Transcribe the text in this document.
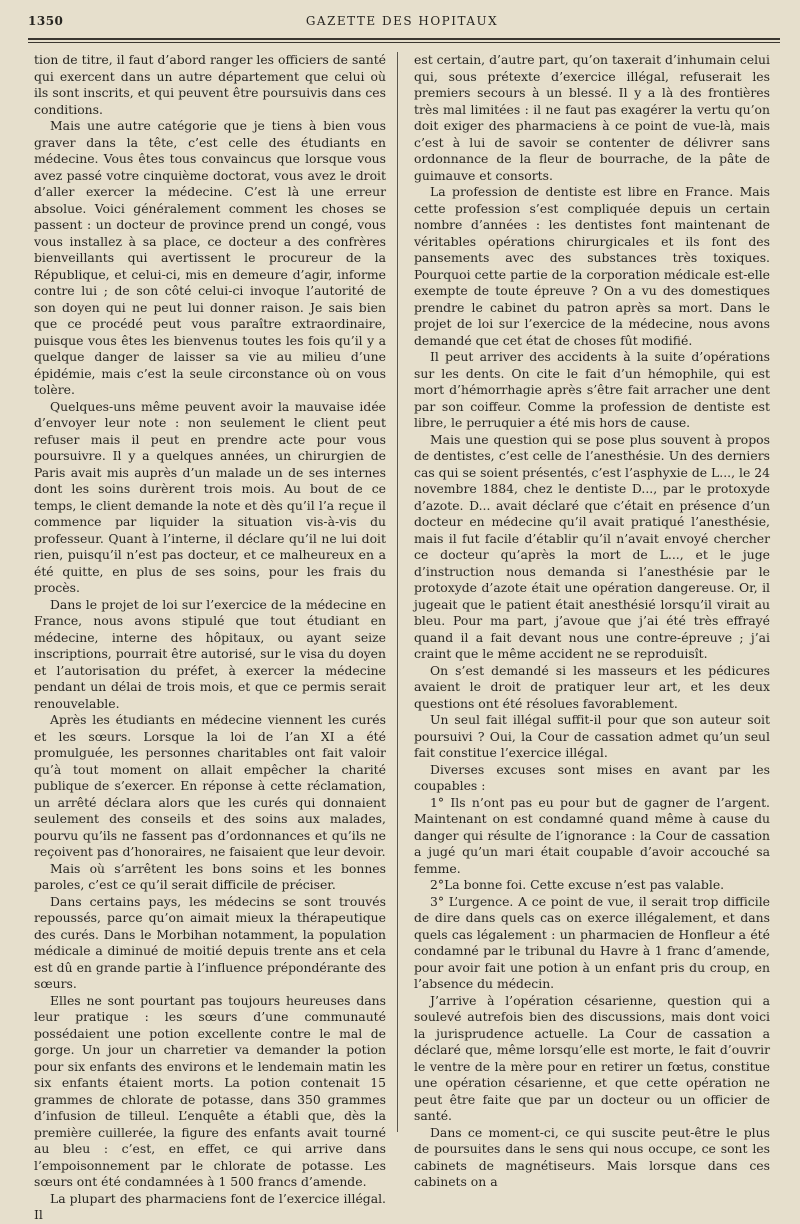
1350	GAZETTE DES HOPITAUX

tion de titre, il faut d’abord ranger les officiers de santé qui exercent dans un autre département que celui où ils sont inscrits, et qui peuvent être poursuivis dans ces conditions.

Mais une autre catégorie que je tiens à bien vous graver dans la tête, c’est celle des étudiants en médecine. Vous êtes tous convaincus que lorsque vous avez passé votre cinquième doctorat, vous avez le droit d’aller exercer la médecine. C’est là une erreur absolue. Voici généralement comment les choses se passent : un docteur de province prend un congé, vous vous installez à sa place, ce docteur a des confrères bienveillants qui avertissent le procureur de la République, et celui-ci, mis en demeure d’agir, informe contre lui ; de son côté celui-ci invoque l’autorité de son doyen qui ne peut lui donner raison. Je sais bien que ce procédé peut vous paraître extraordinaire, puisque vous êtes les bienvenus toutes les fois qu’il y a quelque danger de laisser sa vie au milieu d’une épidémie, mais c’est la seule circonstance où on vous tolère.

Quelques-uns même peuvent avoir la mauvaise idée d’envoyer leur note : non seulement le client peut refuser mais il peut en prendre acte pour vous poursuivre. Il y a quelques années, un chirurgien de Paris avait mis auprès d’un malade un de ses internes dont les soins durèrent trois mois. Au bout de ce temps, le client demande la note et dès qu’il l’a reçue il commence par liquider la situation vis-à-vis du professeur. Quant à l’interne, il déclare qu’il ne lui doit rien, puisqu’il n’est pas docteur, et ce malheureux en a été quitte, en plus de ses soins, pour les frais du procès.

Dans le projet de loi sur l’exercice de la médecine en France, nous avons stipulé que tout étudiant en médecine, interne des hôpitaux, ou ayant seize inscriptions, pourrait être autorisé, sur le visa du doyen et l’autorisation du préfet, à exercer la médecine pendant un délai de trois mois, et que ce permis serait renouvelable.

Après les étudiants en médecine viennent les curés et les sœurs. Lorsque la loi de l’an XI a été promulguée, les personnes charitables ont fait valoir qu’à tout moment on allait empêcher la charité publique de s’exercer. En réponse à cette réclamation, un arrêté déclara alors que les curés qui donnaient seulement des conseils et des soins aux malades, pourvu qu’ils ne fassent pas d’ordonnances et qu’ils ne reçoivent pas d’honoraires, ne faisaient que leur devoir.

Mais où s’arrêtent les bons soins et les bonnes paroles, c’est ce qu’il serait difficile de préciser.

Dans certains pays, les médecins se sont trouvés repoussés, parce qu’on aimait mieux la thérapeutique des curés. Dans le Morbihan notamment, la population médicale a diminué de moitié depuis trente ans et cela est dû en grande partie à l’influence prépondérante des sœurs.

Elles ne sont pourtant pas toujours heureuses dans leur pratique : les sœurs d’une communauté possédaient une potion excellente contre le mal de gorge. Un jour un charretier va demander la potion pour six enfants des environs et le lendemain matin les six enfants étaient morts. La potion contenait 15 grammes de chlorate de potasse, dans 350 grammes d’infusion de tilleul. L’enquête a établi que, dès la première cuillerée, la figure des enfants avait tourné au bleu : c’est, en effet, ce qui arrive dans l’empoisonnement par le chlorate de potasse. Les sœurs ont été condamnées à 1 500 francs d’amende.

La plupart des pharmaciens font de l’exercice illégal. Il

est certain, d’autre part, qu’on taxerait d’inhumain celui qui, sous prétexte d’exercice illégal, refuserait les premiers secours à un blessé. Il y a là des frontières très mal limitées : il ne faut pas exagérer la vertu qu’on doit exiger des pharmaciens à ce point de vue-là, mais c’est à lui de savoir se contenter de délivrer sans ordonnance de la fleur de bourrache, de la pâte de guimauve et consorts.

La profession de dentiste est libre en France. Mais cette profession s’est compliquée depuis un certain nombre d’années : les dentistes font maintenant de véritables opérations chirurgicales et ils font des pansements avec des substances très toxiques. Pourquoi cette partie de la corporation médicale est-elle exempte de toute épreuve ? On a vu des domestiques prendre le cabinet du patron après sa mort. Dans le projet de loi sur l’exercice de la médecine, nous avons demandé que cet état de choses fût modifié.

Il peut arriver des accidents à la suite d’opérations sur les dents. On cite le fait d’un hémophile, qui est mort d’hémorrhagie après s’être fait arracher une dent par son coiffeur. Comme la profession de dentiste est libre, le perruquier a été mis hors de cause.

Mais une question qui se pose plus souvent à propos de dentistes, c’est celle de l’anesthésie. Un des derniers cas qui se soient présentés, c’est l’asphyxie de L..., le 24 novembre 1884, chez le dentiste D..., par le protoxyde d’azote. D... avait déclaré que c’était en présence d’un docteur en médecine qu’il avait pratiqué l’anesthésie, mais il fut facile d’établir qu’il n’avait envoyé chercher ce docteur qu’après la mort de L..., et le juge d’instruction nous demanda si l’anesthésie par le protoxyde d’azote était une opération dangereuse. Or, il jugeait que le patient était anesthésié lorsqu’il virait au bleu. Pour ma part, j’avoue que j’ai été très effrayé quand il a fait devant nous une contre-épreuve ; j’ai craint que le même accident ne se reproduisît.

On s’est demandé si les masseurs et les pédicures avaient le droit de pratiquer leur art, et les deux questions ont été résolues favorablement.

Un seul fait illégal suffit-il pour que son auteur soit poursuivi ? Oui, la Cour de cassation admet qu’un seul fait constitue l’exercice illégal.

Diverses excuses sont mises en avant par les coupables :

1° Ils n’ont pas eu pour but de gagner de l’argent. Maintenant on est condamné quand même à cause du danger qui résulte de l’ignorance : la Cour de cassation a jugé qu’un mari était coupable d’avoir accouché sa femme.

2°La bonne foi. Cette excuse n’est pas valable.

3° L’urgence. A ce point de vue, il serait trop difficile de dire dans quels cas on exerce illégalement, et dans quels cas légalement : un pharmacien de Honfleur a été condamné par le tribunal du Havre à 1 franc d’amende, pour avoir fait une potion à un enfant pris du croup, en l’absence du médecin.

J’arrive à l’opération césarienne, question qui a soulevé autrefois bien des discussions, mais dont voici la jurisprudence actuelle. La Cour de cassation a déclaré que, même lorsqu’elle est morte, le fait d’ouvrir le ventre de la mère pour en retirer un fœtus, constitue une opération césarienne, et que cette opération ne peut être faite que par un docteur ou un officier de santé.

Dans ce moment-ci, ce qui suscite peut-être le plus de poursuites dans le sens qui nous occupe, ce sont les cabinets de magnétiseurs. Mais lorsque dans ces cabinets on a
